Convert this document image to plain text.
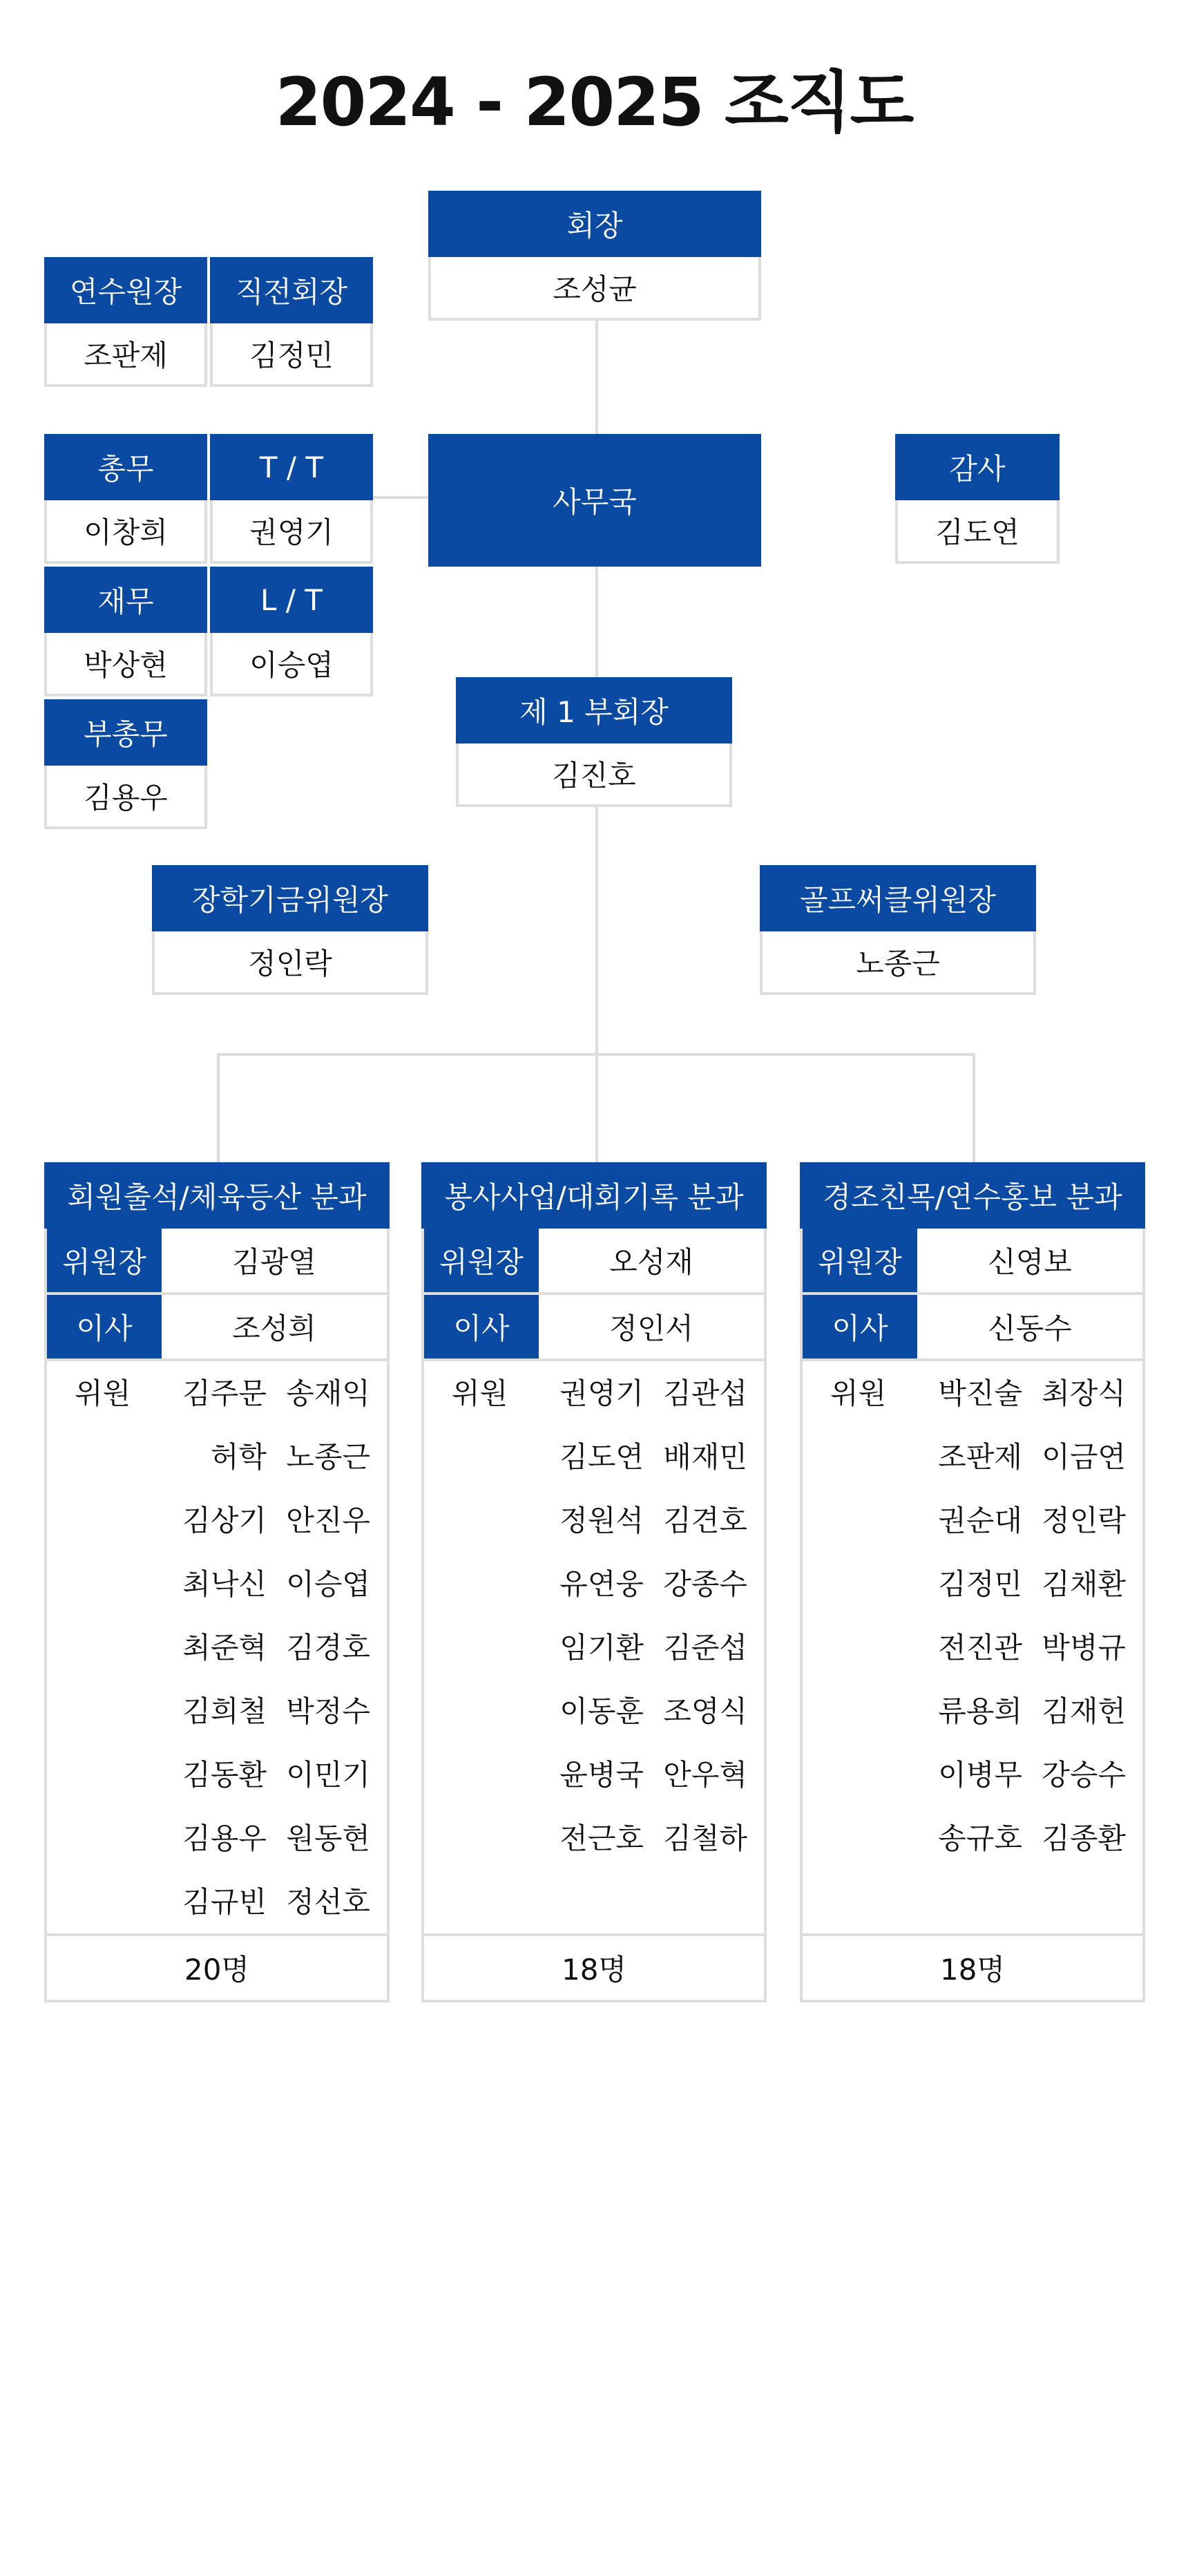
2024 - 2025 조직도
회장
조성균
연수원장
조판제
직전회장
김정민
사무국
총무
이창희
T / T
권영기
재무
박상현
L / T
이승엽
부총무
김용우
감사
김도연
제 1 부회장
김진호
장학기금위원장
정인락
골프써클위원장
노종근
회원출석/체육등산 분과
위원장	김광열
이사	조성희
위원	김주문 송재익
허학 노종근
김상기 안진우
최낙신 이승엽
최준혁 김경호
김희철 박정수
김동환 이민기
김용우 원동현
김규빈 정선호
20명
봉사사업/대회기록 분과
위원장	오성재
이사	정인서
위원	권영기 김관섭
김도연 배재민
정원석 김견호
유연웅 강종수
임기환 김준섭
이동훈 조영식
윤병국 안우혁
전근호 김철하
18명
경조친목/연수홍보 분과
위원장	신영보
이사	신동수
위원	박진술 최장식
조판제 이금연
권순대 정인락
김정민 김채환
전진관 박병규
류용희 김재헌
이병무 강승수
송규호 김종환
18명
